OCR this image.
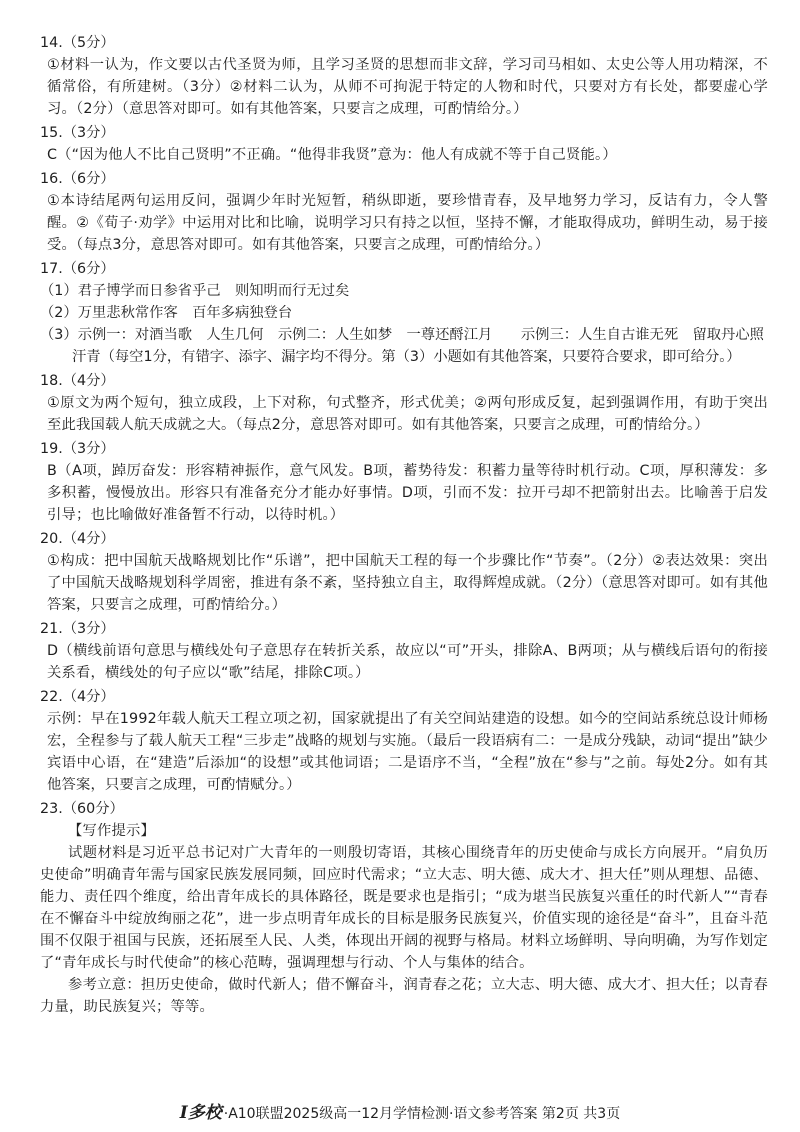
14.（5分）

①材料一认为，作文要以古代圣贤为师，且学习圣贤的思想而非文辞，学习司马相如、太史公等人用功精深，不循常俗，有所建树。（3分）②材料二认为，从师不可拘泥于特定的人物和时代，只要对方有长处，都要虚心学习。（2分）（意思答对即可。如有其他答案，只要言之成理，可酌情给分。）

15.（3分）

C（“因为他人不比自己贤明”不正确。“他得非我贤”意为：他人有成就不等于自己贤能。）

16.（6分）

①本诗结尾两句运用反问，强调少年时光短暂，稍纵即逝，要珍惜青春，及早地努力学习，反诘有力，令人警醒。②《荀子·劝学》中运用对比和比喻，说明学习只有持之以恒，坚持不懈，才能取得成功，鲜明生动，易于接受。（每点3分，意思答对即可。如有其他答案，只要言之成理，可酌情给分。）

17.（6分）

（1）君子博学而日参省乎己　则知明而行无过矣

（2）万里悲秋常作客　百年多病独登台

（3）示例一：对酒当歌　人生几何　示例二：人生如梦　一尊还酹江月　　示例三：人生自古谁无死　留取丹心照汗青（每空1分，有错字、添字、漏字均不得分。第（3）小题如有其他答案，只要符合要求，即可给分。）

18.（4分）

①原文为两个短句，独立成段，上下对称，句式整齐，形式优美；②两句形成反复，起到强调作用，有助于突出至此我国载人航天成就之大。（每点2分，意思答对即可。如有其他答案，只要言之成理，可酌情给分。）

19.（3分）

B（A项，踔厉奋发：形容精神振作，意气风发。B项，蓄势待发：积蓄力量等待时机行动。C项，厚积薄发：多多积蓄，慢慢放出。形容只有准备充分才能办好事情。D项，引而不发：拉开弓却不把箭射出去。比喻善于启发引导；也比喻做好准备暂不行动，以待时机。）

20.（4分）

①构成：把中国航天战略规划比作“乐谱”，把中国航天工程的每一个步骤比作“节奏”。（2分）②表达效果：突出了中国航天战略规划科学周密，推进有条不紊，坚持独立自主，取得辉煌成就。（2分）（意思答对即可。如有其他答案，只要言之成理，可酌情给分。）

21.（3分）

D（横线前语句意思与横线处句子意思存在转折关系，故应以“可”开头，排除A、B两项；从与横线后语句的衔接关系看，横线处的句子应以“歌”结尾，排除C项。）

22.（4分）

示例：早在1992年载人航天工程立项之初，国家就提出了有关空间站建造的设想。如今的空间站系统总设计师杨宏，全程参与了载人航天工程“三步走”战略的规划与实施。（最后一段语病有二：一是成分残缺，动词“提出”缺少宾语中心语，在“建造”后添加“的设想”或其他词语；二是语序不当，“全程”放在“参与”之前。每处2分。如有其他答案，只要言之成理，可酌情赋分。）

23.（60分）

【写作提示】

试题材料是习近平总书记对广大青年的一则殷切寄语，其核心围绕青年的历史使命与成长方向展开。“肩负历史使命”明确青年需与国家民族发展同频，回应时代需求；“立大志、明大德、成大才、担大任”则从理想、品德、能力、责任四个维度，给出青年成长的具体路径，既是要求也是指引；“成为堪当民族复兴重任的时代新人”“青春在不懈奋斗中绽放绚丽之花”，进一步点明青年成长的目标是服务民族复兴，价值实现的途径是“奋斗”，且奋斗范围不仅限于祖国与民族，还拓展至人民、人类，体现出开阔的视野与格局。材料立场鲜明、导向明确，为写作划定了“青年成长与时代使命”的核心范畴，强调理想与行动、个人与集体的结合。

参考立意：担历史使命，做时代新人；借不懈奋斗，润青春之花；立大志、明大德、成大才、担大任；以青春力量，助民族复兴；等等。

I多校 ·A10联盟2025级高一12月学情检测·语文参考答案 第2页 共3页
